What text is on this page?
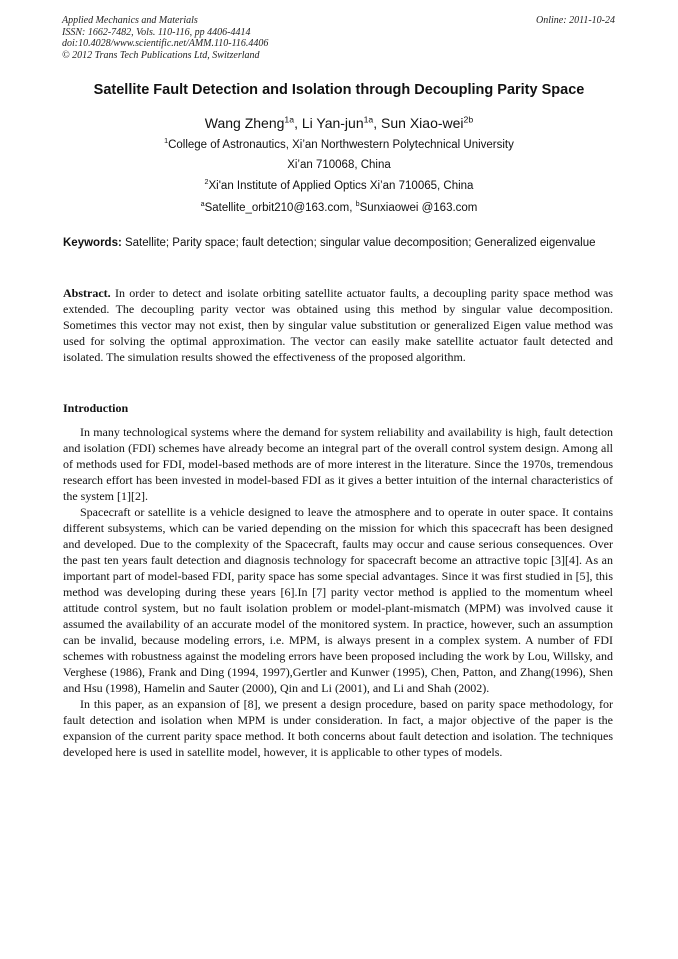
Applied Mechanics and Materials
ISSN: 1662-7482, Vols. 110-116, pp 4406-4414
doi:10.4028/www.scientific.net/AMM.110-116.4406
© 2012 Trans Tech Publications Ltd, Switzerland
Online: 2011-10-24
Satellite Fault Detection and Isolation through Decoupling Parity Space
Wang Zheng$^{1a}$, Li Yan-jun$^{1a}$, Sun Xiao-wei$^{2b}$
$^1$College of Astronautics, Xi’an Northwestern Polytechnical University
Xi’an 710068, China
$^2$Xi'an Institute of Applied Optics Xi’an 710065, China
$^a$Satellite_orbit210@163.com, $^b$Sunxiaowei @163.com
Keywords: Satellite; Parity space; fault detection; singular value decomposition; Generalized eigenvalue
Abstract. In order to detect and isolate orbiting satellite actuator faults, a decoupling parity space method was extended. The decoupling parity vector was obtained using this method by singular value decomposition. Sometimes this vector may not exist, then by singular value substitution or generalized Eigen value method was used for solving the optimal approximation. The vector can easily make satellite actuator fault detected and isolated. The simulation results showed the effectiveness of the proposed algorithm.
Introduction

In many technological systems where the demand for system reliability and availability is high, fault detection and isolation (FDI) schemes have already become an integral part of the overall control system design. Among all of methods used for FDI, model-based methods are of more interest in the literature. Since the 1970s, tremendous research effort has been invested in model-based FDI as it gives a better intuition of the internal characteristics of the system [1][2].

Spacecraft or satellite is a vehicle designed to leave the atmosphere and to operate in outer space. It contains different subsystems, which can be varied depending on the mission for which this spacecraft has been designed and developed. Due to the complexity of the Spacecraft, faults may occur and cause serious consequences. Over the past ten years fault detection and diagnosis technology for spacecraft become an attractive topic [3][4]. As an important part of model-based FDI, parity space has some special advantages. Since it was first studied in [5], this method was developing during these years [6].In [7] parity vector method is applied to the momentum wheel attitude control system, but no fault isolation problem or model-plant-mismatch (MPM) was involved cause it assumed the availability of an accurate model of the monitored system. In practice, however, such an assumption can be invalid, because modeling errors, i.e. MPM, is always present in a complex system. A number of FDI schemes with robustness against the modeling errors have been proposed including the work by Lou, Willsky, and Verghese (1986), Frank and Ding (1994, 1997),Gertler and Kunwer (1995), Chen, Patton, and Zhang(1996), Shen and Hsu (1998), Hamelin and Sauter (2000), Qin and Li (2001), and Li and Shah (2002).

In this paper, as an expansion of [8], we present a design procedure, based on parity space methodology, for fault detection and isolation when MPM is under consideration. In fact, a major objective of the paper is the expansion of the current parity space method. It both concerns about fault detection and isolation. The techniques developed here is used in satellite model, however, it is applicable to other types of models.
